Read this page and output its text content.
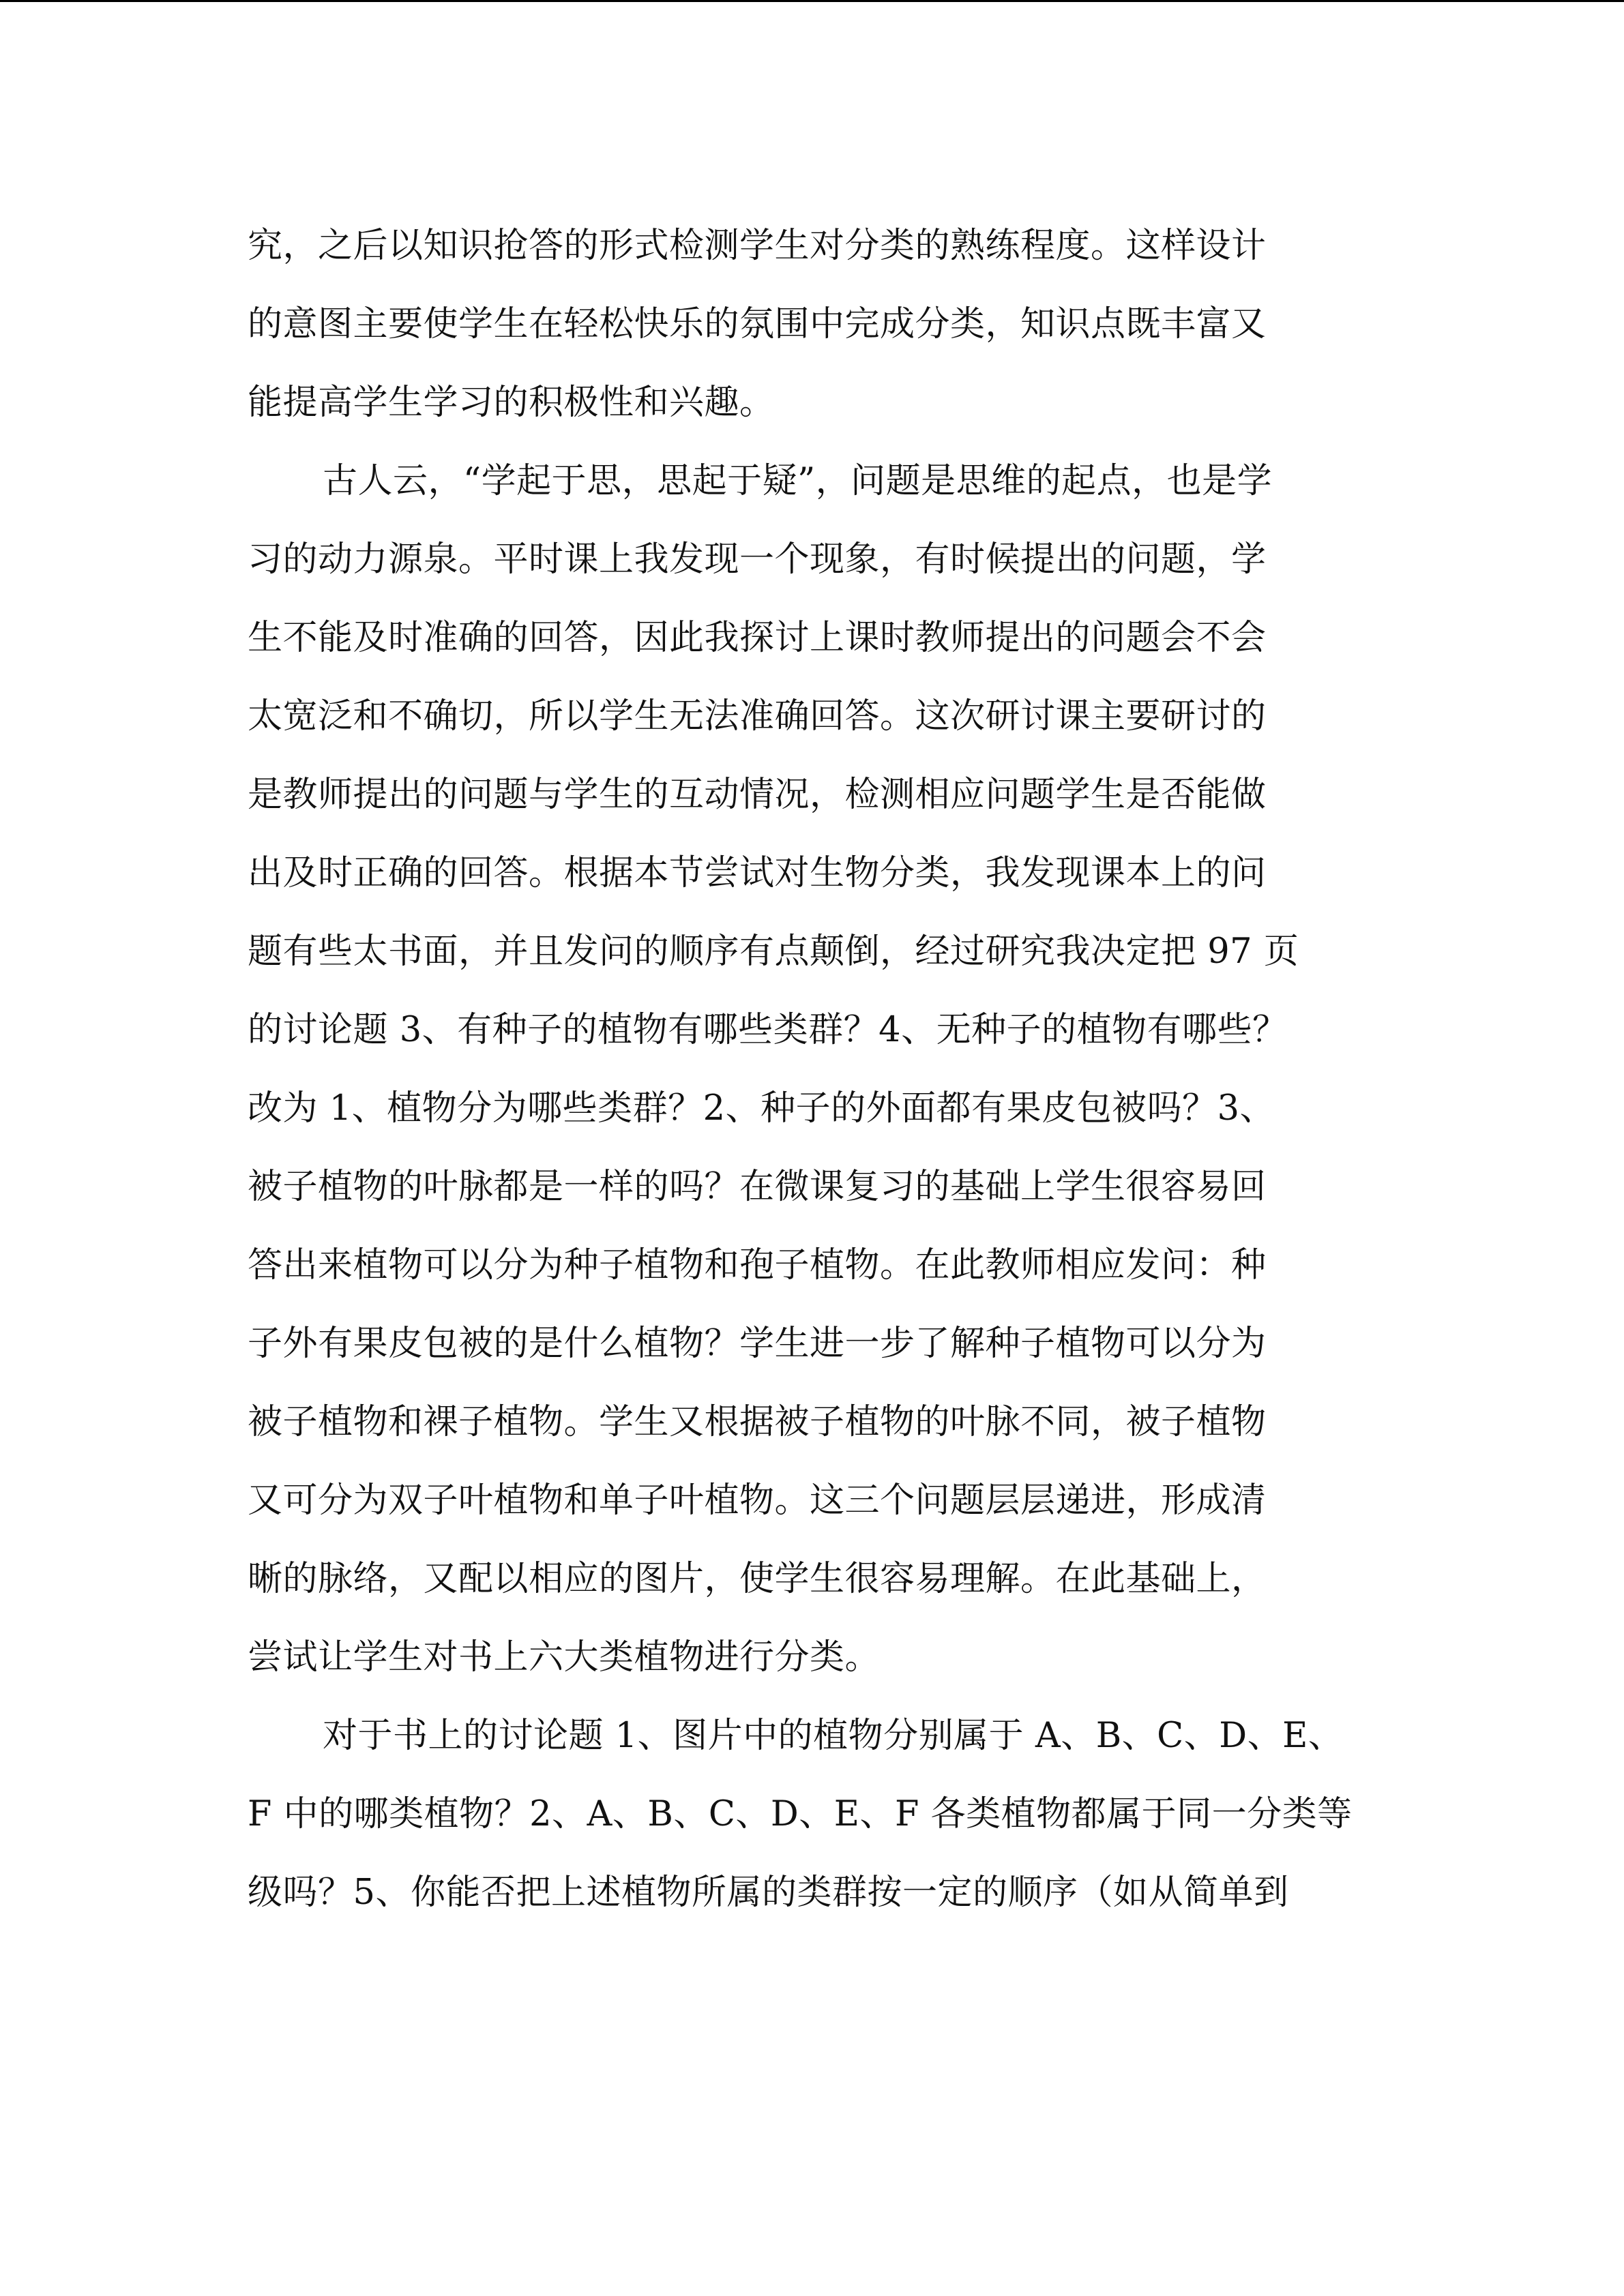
究，之后以知识抢答的形式检测学生对分类的熟练程度。这样设计
的意图主要使学生在轻松快乐的氛围中完成分类，知识点既丰富又
能提高学生学习的积极性和兴趣。
古人云，“学起于思，思起于疑”，问题是思维的起点，也是学
习的动力源泉。平时课上我发现一个现象，有时候提出的问题，学
生不能及时准确的回答，因此我探讨上课时教师提出的问题会不会
太宽泛和不确切，所以学生无法准确回答。这次研讨课主要研讨的
是教师提出的问题与学生的互动情况，检测相应问题学生是否能做
出及时正确的回答。根据本节尝试对生物分类，我发现课本上的问
题有些太书面，并且发问的顺序有点颠倒，经过研究我决定把 97 页
的讨论题 3、有种子的植物有哪些类群？4、无种子的植物有哪些？
改为 1、植物分为哪些类群？2、种子的外面都有果皮包被吗？3、
被子植物的叶脉都是一样的吗？在微课复习的基础上学生很容易回
答出来植物可以分为种子植物和孢子植物。在此教师相应发问：种
子外有果皮包被的是什么植物？学生进一步了解种子植物可以分为
被子植物和裸子植物。学生又根据被子植物的叶脉不同，被子植物
又可分为双子叶植物和单子叶植物。这三个问题层层递进，形成清
晰的脉络，又配以相应的图片，使学生很容易理解。在此基础上，
尝试让学生对书上六大类植物进行分类。
对于书上的讨论题 1、图片中的植物分别属于 A、B、C、D、E、
F 中的哪类植物？2、A、B、C、D、E、F 各类植物都属于同一分类等
级吗？5、你能否把上述植物所属的类群按一定的顺序（如从简单到
